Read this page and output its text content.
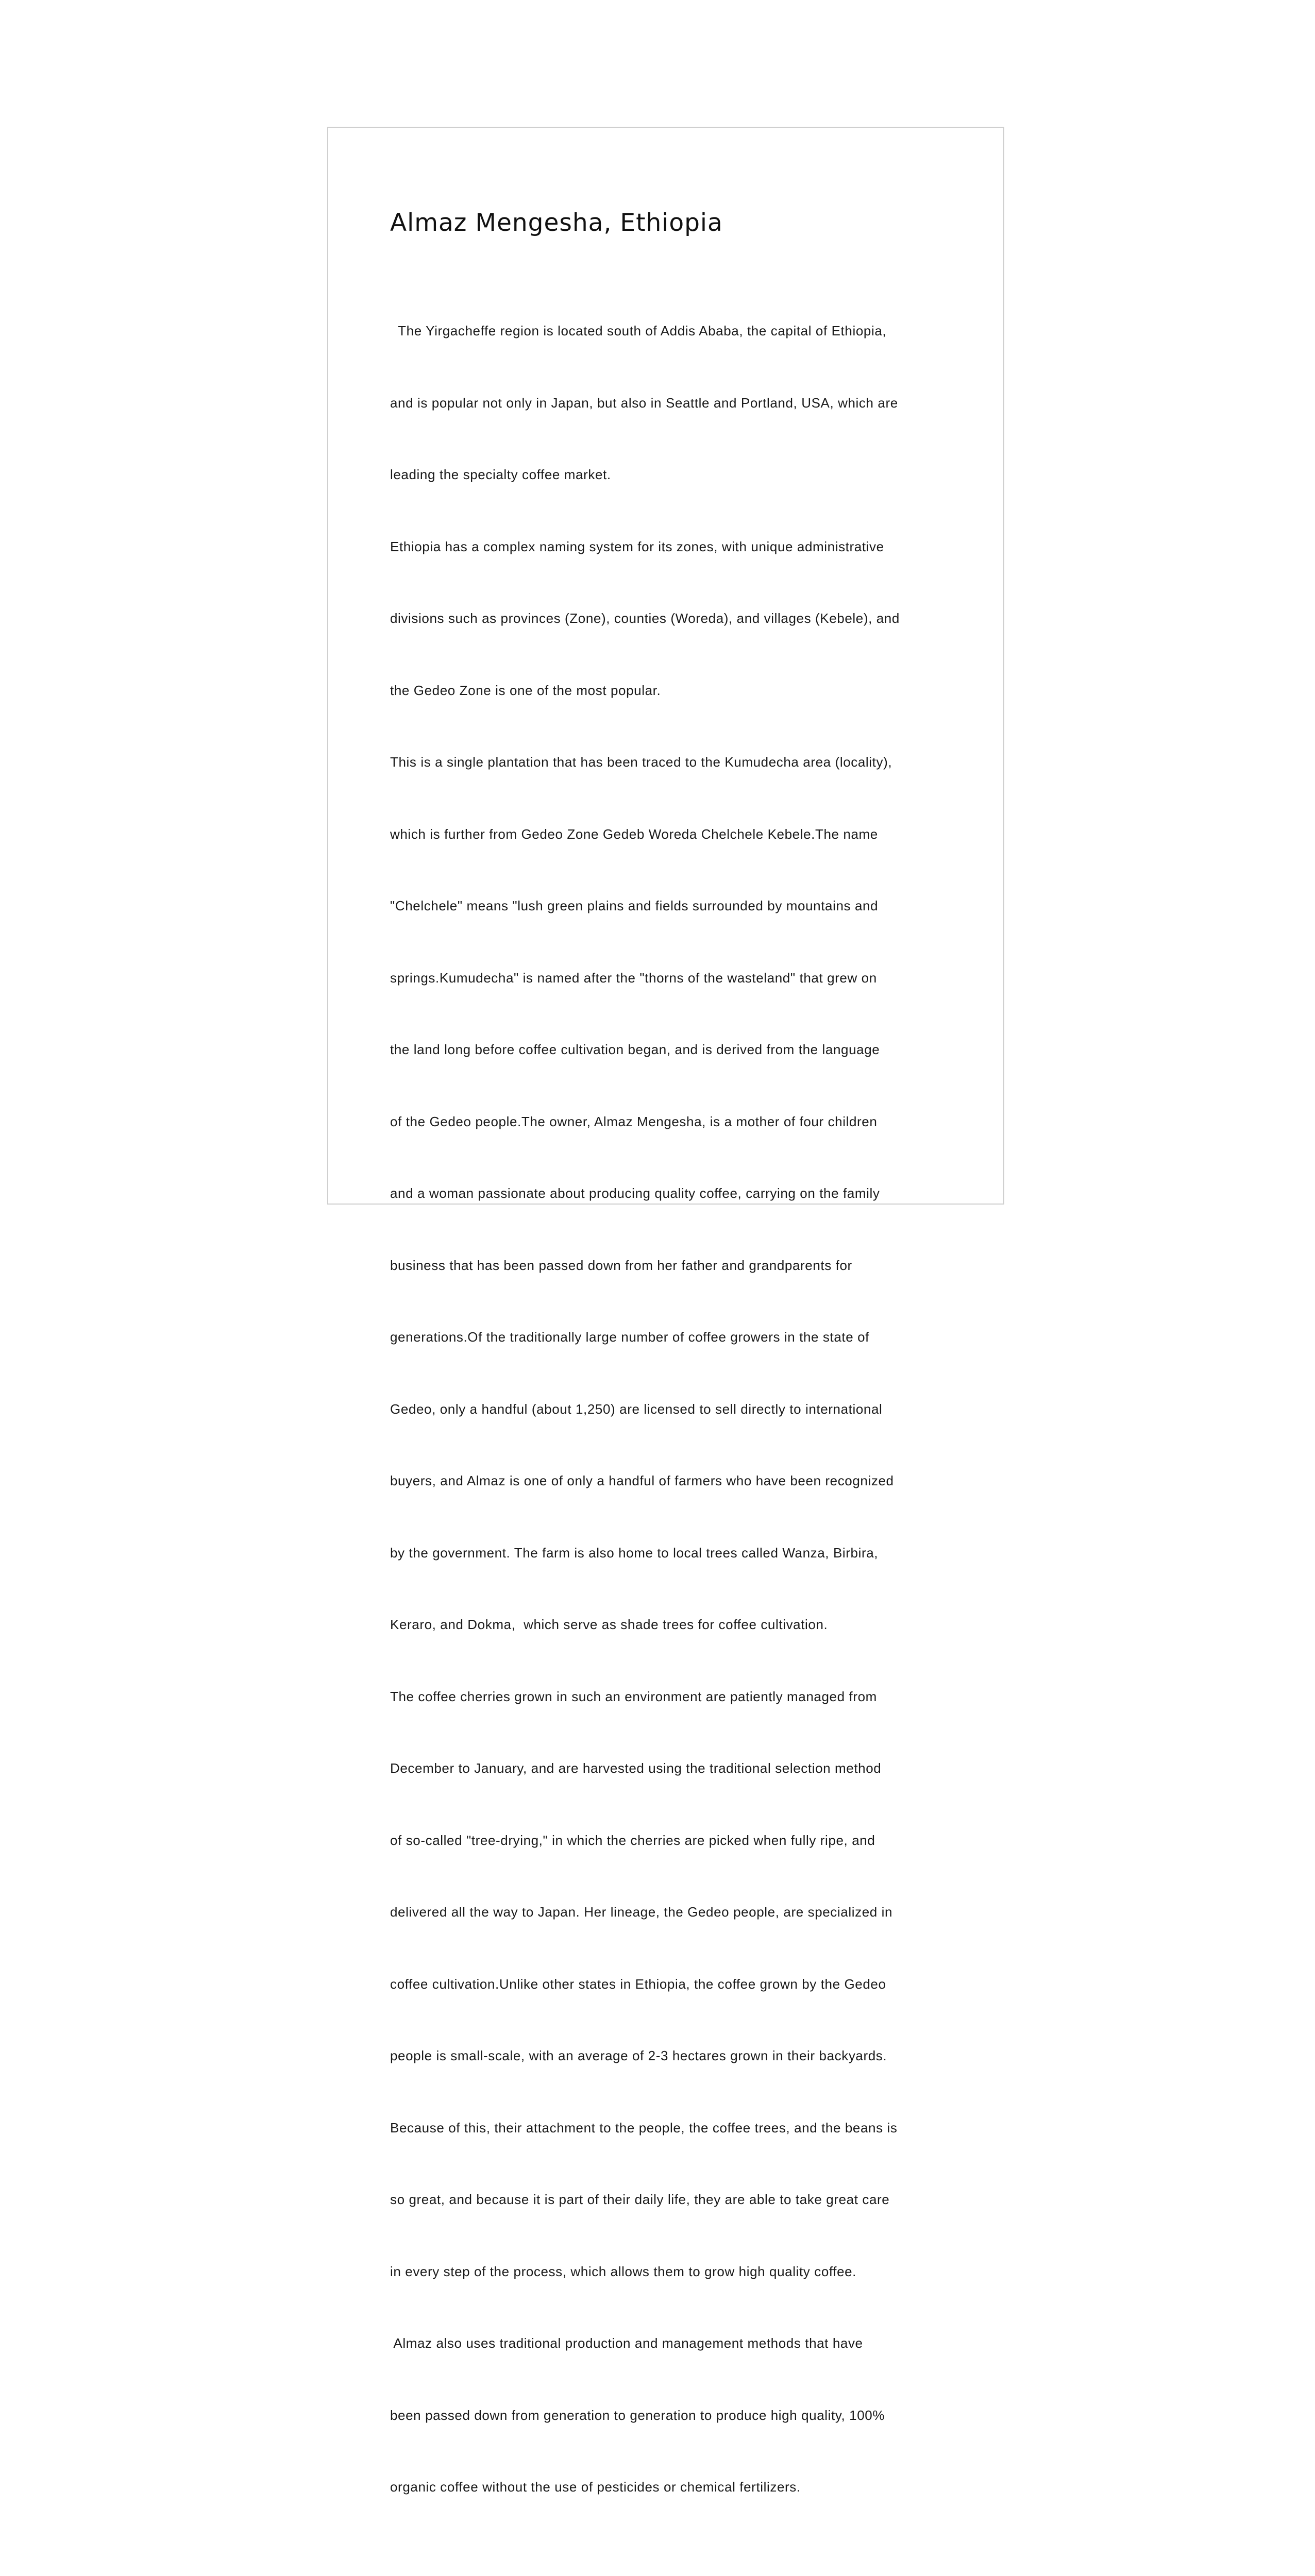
Almaz Mengesha, Ethiopia

The Yirgacheffe region is located south of Addis Ababa, the capital of Ethiopia,

and is popular not only in Japan, but also in Seattle and Portland, USA, which are

leading the specialty coffee market.

Ethiopia has a complex naming system for its zones, with unique administrative

divisions such as provinces (Zone), counties (Woreda), and villages (Kebele), and

the Gedeo Zone is one of the most popular.

This is a single plantation that has been traced to the Kumudecha area (locality),

which is further from Gedeo Zone Gedeb Woreda Chelchele Kebele.The name

"Chelchele" means "lush green plains and fields surrounded by mountains and

springs.Kumudecha" is named after the "thorns of the wasteland" that grew on

the land long before coffee cultivation began, and is derived from the language

of the Gedeo people.The owner, Almaz Mengesha, is a mother of four children

and a woman passionate about producing quality coffee, carrying on the family

business that has been passed down from her father and grandparents for

generations.Of the traditionally large number of coffee growers in the state of

Gedeo, only a handful (about 1,250) are licensed to sell directly to international

buyers, and Almaz is one of only a handful of farmers who have been recognized

by the government. The farm is also home to local trees called Wanza, Birbira,

Keraro, and Dokma,  which serve as shade trees for coffee cultivation.

The coffee cherries grown in such an environment are patiently managed from

December to January, and are harvested using the traditional selection method

of so-called "tree-drying," in which the cherries are picked when fully ripe, and

delivered all the way to Japan. Her lineage, the Gedeo people, are specialized in

coffee cultivation.Unlike other states in Ethiopia, the coffee grown by the Gedeo

people is small-scale, with an average of 2-3 hectares grown in their backyards.

Because of this, their attachment to the people, the coffee trees, and the beans is

so great, and because it is part of their daily life, they are able to take great care

in every step of the process, which allows them to grow high quality coffee.

Almaz also uses traditional production and management methods that have

been passed down from generation to generation to produce high quality, 100%

organic coffee without the use of pesticides or chemical fertilizers.
